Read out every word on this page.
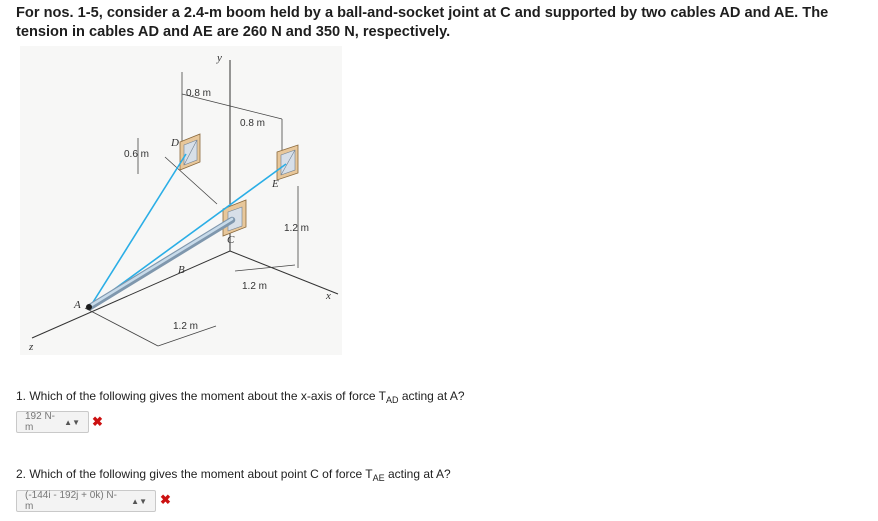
For nos. 1-5, consider a 2.4-m boom held by a ball-and-socket joint at C and supported by two cables AD and AE. The tension in cables AD and AE are 260 N and 350 N, respectively.
y
x
z
A
B
C
D
E
0.8 m
0.8 m
0.6 m
1.2 m
1.2 m
1.2 m
1. Which of the following gives the moment about the x-axis of force $T_{AD}$ acting at A?
192 N-m	▲▼ ✖
2. Which of the following gives the moment about point C of force $T_{AE}$ acting at A?
(-144i - 192j + 0k) N-m	▲▼ ✖
